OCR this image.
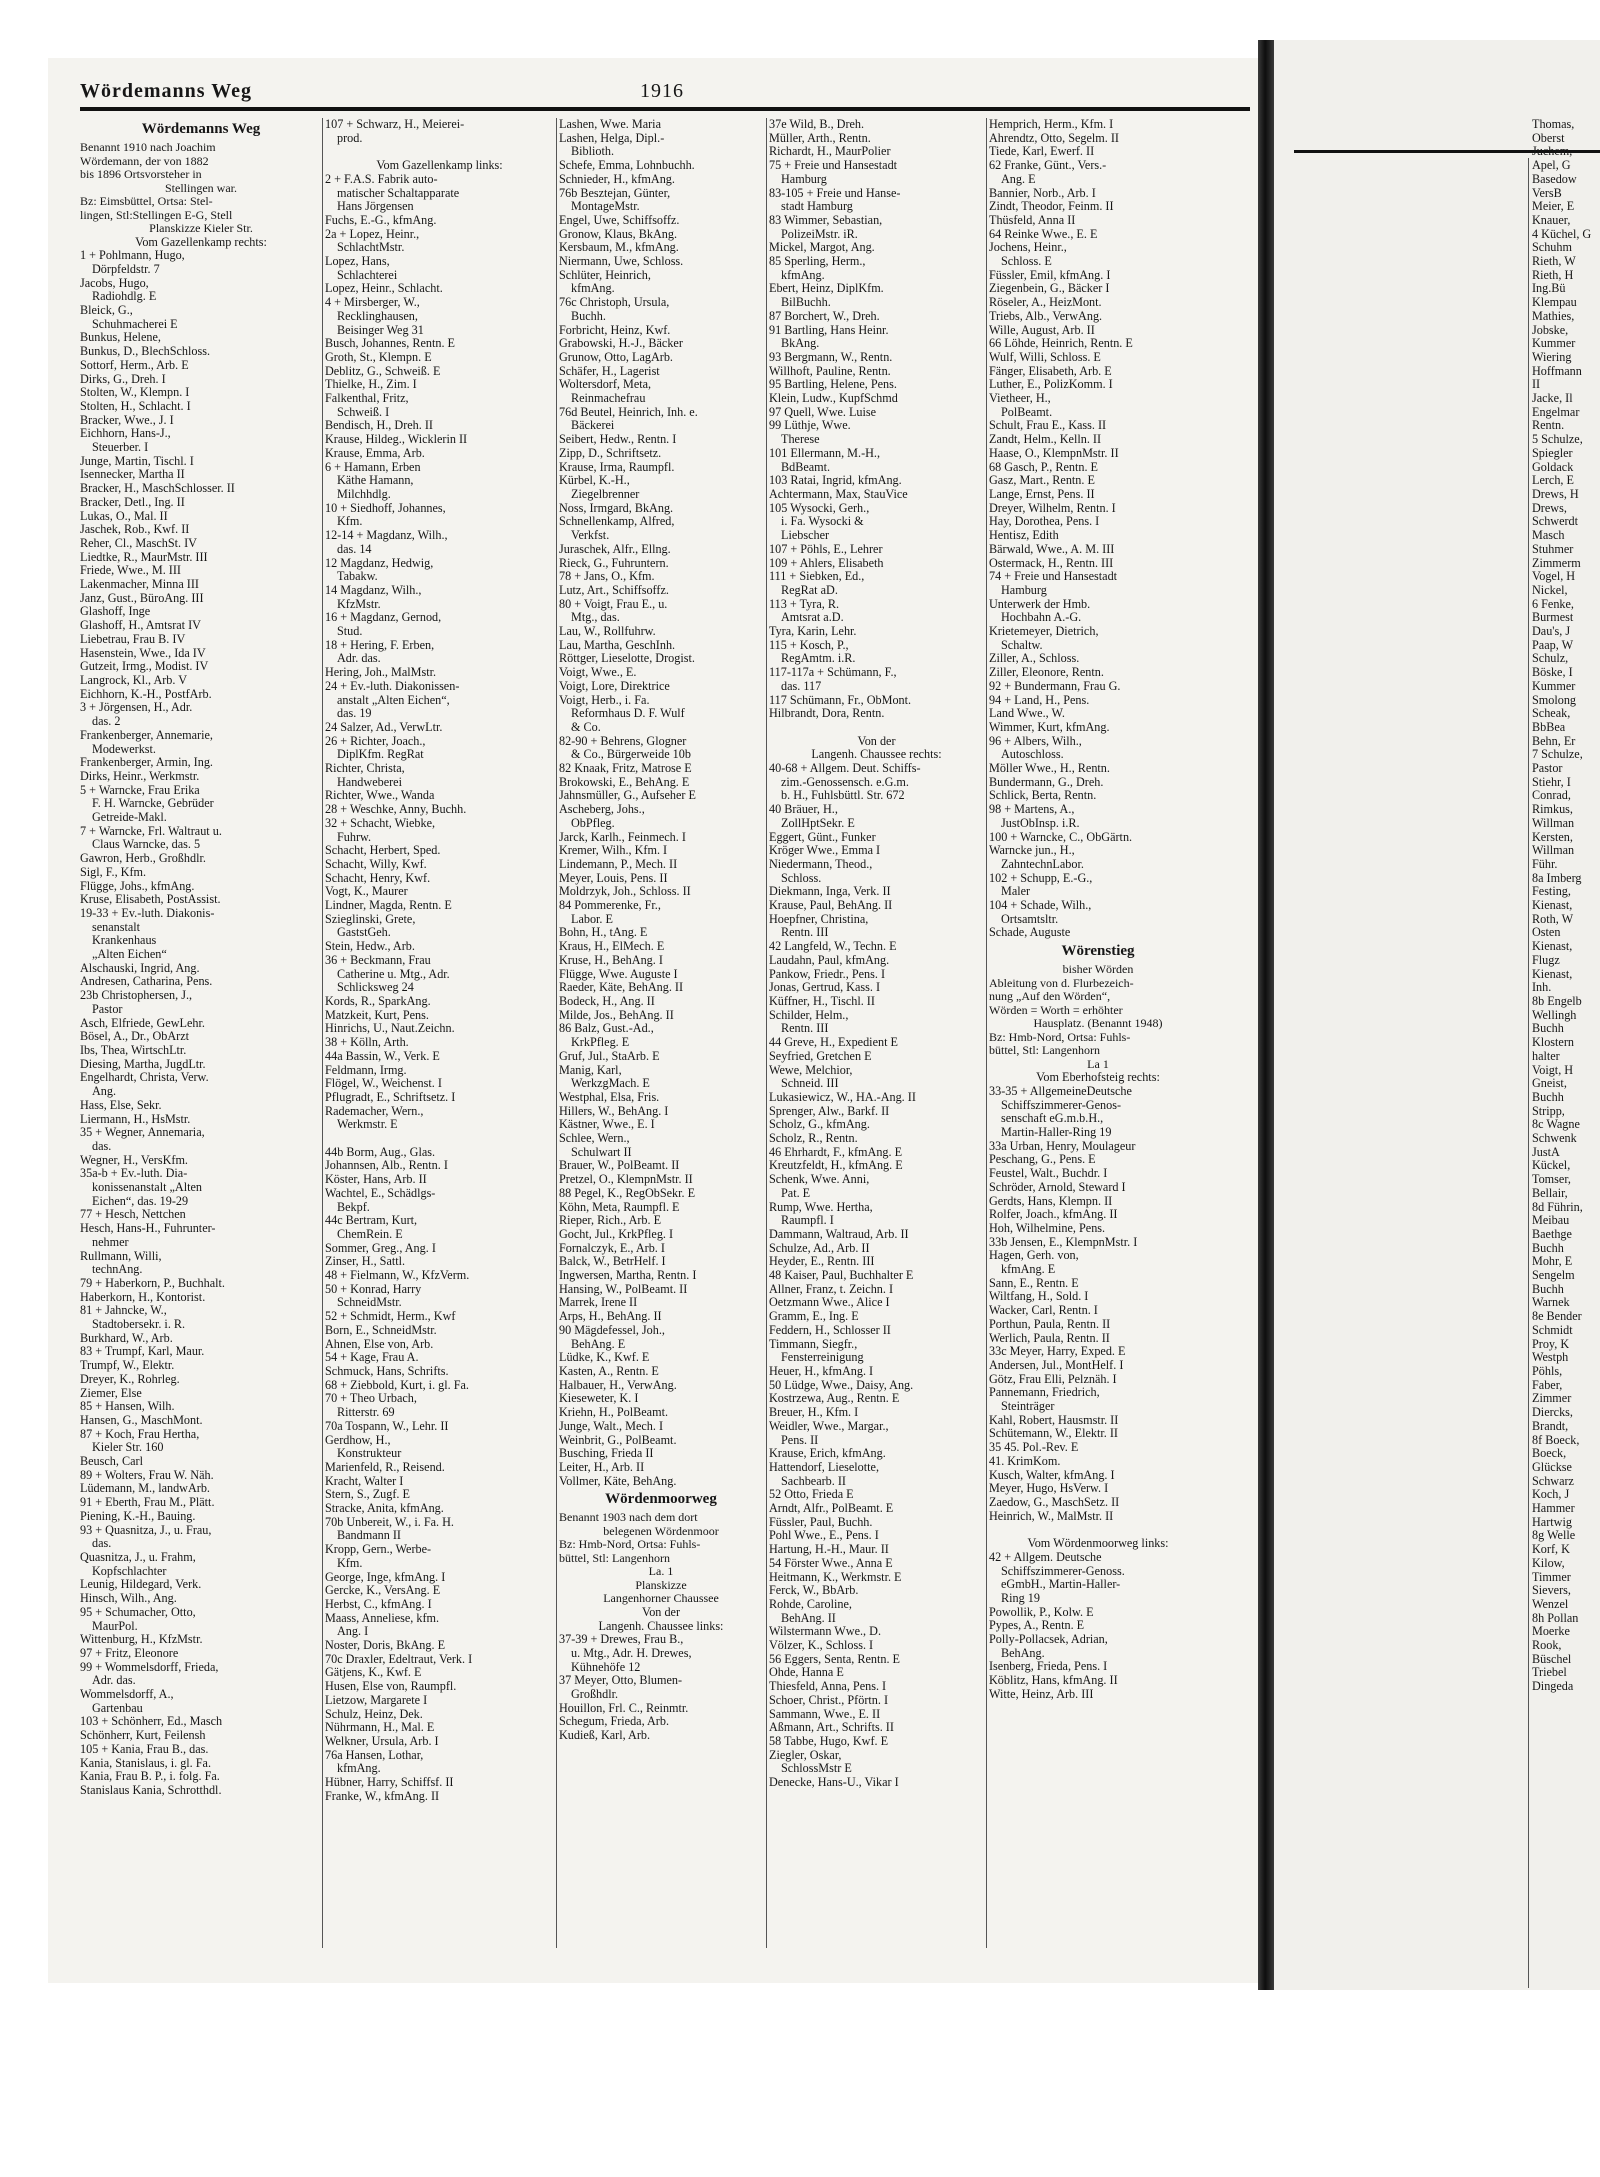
Thomas,
Oberst
Juchem,
Apel, G
Basedow
VersB
Meier, E
Knauer,
4 Küchel, G
Schuhm
Rieth, W
Rieth, H
Ing.Bü
Klempau
Mathies,
Jobske,
Kummer
Wiering
Hoffmann
II
Jacke, Il
Engelmar
Rentn.
5 Schulze,
Spiegler
Goldack
Lerch, E
Drews, H
Drews,
Schwerdt
Masch
Stuhmer
Zimmerm
Vogel, H
Nickel,
6 Fenke,
Burmest
Dau's, J
Paap, W
Schulz,
Böske, I
Kummer
Smolong
Scheak,
BbBea
Behn, Er
7 Schulze,
Pastor
Stiehr, I
Conrad,
Rimkus,
Willman
Kersten,
Willman
Führ.
8a Imberg
Festing,
Kienast,
Roth, W
Osten
Kienast,
Flugz
Kienast,
Inh.
8b Engelb
Wellingh
Buchh
Klostern
halter
Voigt, H
Gneist,
Buchh
Stripp,
8c Wagne
Schwenk
JustA
Kückel,
Tomser,
Bellair,
8d Führin,
Meibau
Baethge
Buchh
Mohr, E
Sengelm
Buchh
Warnek
8e Bender
Schmidt
Proy, K
Westph
Pöhls,
Faber,
Zimmer
Diercks,
Brandt,
8f Boeck,
Boeck,
Glückse
Schwarz
Koch, J
Hammer
Hartwig
8g Welle
Korf, K
Kilow,
Timmer
Sievers,
Wenzel
8h Pollan
Moerke
Rook,
Büschel
Triebel
Dingeda
Wördemanns Weg	1916
Wördemanns Weg
Benannt 1910 nach Joachim
Wördemann, der von 1882
bis 1896 Ortsvorsteher in
Stellingen war.
Bz: Eimsbüttel, Ortsa: Stel-
lingen, Stl:Stellingen E-G, Stell
Planskizze Kieler Str.
Vom Gazellenkamp rechts:
1 + Pohlmann, Hugo,
Dörpfeldstr. 7
Jacobs, Hugo,
Radiohdlg. E
Bleick, G.,
Schuhmacherei E
Bunkus, Helene,
Bunkus, D., BlechSchloss.
Sottorf, Herm., Arb. E
Dirks, G., Dreh. I
Stolten, W., Klempn. I
Stolten, H., Schlacht. I
Bracker, Wwe., J. I
Eichhorn, Hans-J.,
Steuerber. I
Junge, Martin, Tischl. I
Isennecker, Martha II
Bracker, H., MaschSchlosser. II
Bracker, Detl., Ing. II
Lukas, O., Mal. II
Jaschek, Rob., Kwf. II
Reher, Cl., MaschSt. IV
Liedtke, R., MaurMstr. III
Friede, Wwe., M. III
Lakenmacher, Minna III
Janz, Gust., BüroAng. III
Glashoff, Inge
Glashoff, H., Amtsrat IV
Liebetrau, Frau B. IV
Hasenstein, Wwe., Ida IV
Gutzeit, Irmg., Modist. IV
Langrock, Kl., Arb. V
Eichhorn, K.-H., PostfArb.
3 + Jörgensen, H., Adr.
das. 2
Frankenberger, Annemarie,
Modewerkst.
Frankenberger, Armin, Ing.
Dirks, Heinr., Werkmstr.
5 + Warncke, Frau Erika
F. H. Warncke, Gebrüder
Getreide-Makl.
7 + Warncke, Frl. Waltraut u.
Claus Warncke, das. 5
Gawron, Herb., Großhdlr.
Sigl, F., Kfm.
Flügge, Johs., kfmAng.
Kruse, Elisabeth, PostAssist.
19-33 + Ev.-luth. Diakonis-
senanstalt
Krankenhaus
„Alten Eichen“
Alschauski, Ingrid, Ang.
Andresen, Catharina, Pens.
23b Christophersen, J.,
Pastor
Asch, Elfriede, GewLehr.
Bösel, A., Dr., ObArzt
Ibs, Thea, WirtschLtr.
Diesing, Martha, JugdLtr.
Engelhardt, Christa, Verw.
Ang.
Hass, Else, Sekr.
Liermann, H., HsMstr.
35 + Wegner, Annemaria,
das.
Wegner, H., VersKfm.
35a-b + Ev.-luth. Dia-
konissenanstalt „Alten
Eichen“, das. 19-29
77 + Hesch, Nettchen
Hesch, Hans-H., Fuhrunter-
nehmer
Rullmann, Willi,
technAng.
79 + Haberkorn, P., Buchhalt.
Haberkorn, H., Kontorist.
81 + Jahncke, W.,
Stadtobersekr. i. R.
Burkhard, W., Arb.
83 + Trumpf, Karl, Maur.
Trumpf, W., Elektr.
Dreyer, K., Rohrleg.
Ziemer, Else
85 + Hansen, Wilh.
Hansen, G., MaschMont.
87 + Koch, Frau Hertha,
Kieler Str. 160
Beusch, Carl
89 + Wolters, Frau W. Näh.
Lüdemann, M., landwArb.
91 + Eberth, Frau M., Plätt.
Piening, K.-H., Bauing.
93 + Quasnitza, J., u. Frau,
das.
Quasnitza, J., u. Frahm,
Kopfschlachter
Leunig, Hildegard, Verk.
Hinsch, Wilh., Ang.
95 + Schumacher, Otto,
MaurPol.
Wittenburg, H., KfzMstr.
97 + Fritz, Eleonore
99 + Wommelsdorff, Frieda,
Adr. das.
Wommelsdorff, A.,
Gartenbau
103 + Schönherr, Ed., Masch
Schönherr, Kurt, Feilensh
105 + Kania, Frau B., das.
Kania, Stanislaus, i. gl. Fa.
Kania, Frau B. P., i. folg. Fa.
Stanislaus Kania, Schrotthdl.
107 + Schwarz, H., Meierei-
prod.

Vom Gazellenkamp links:
2 + F.A.S. Fabrik auto-
matischer Schaltapparate
Hans Jörgensen
Fuchs, E.-G., kfmAng.
2a + Lopez, Heinr.,
SchlachtMstr.
Lopez, Hans,
Schlachterei
Lopez, Heinr., Schlacht.
4 + Mirsberger, W.,
Recklinghausen,
Beisinger Weg 31
Busch, Johannes, Rentn. E
Groth, St., Klempn. E
Deblitz, G., Schweiß. E
Thielke, H., Zim. I
Falkenthal, Fritz,
Schweiß. I
Bendisch, H., Dreh. II
Krause, Hildeg., Wicklerin II
Krause, Emma, Arb.
6 + Hamann, Erben
Käthe Hamann,
Milchhdlg.
10 + Siedhoff, Johannes,
Kfm.
12-14 + Magdanz, Wilh.,
das. 14
12 Magdanz, Hedwig,
Tabakw.
14 Magdanz, Wilh.,
KfzMstr.
16 + Magdanz, Gernod,
Stud.
18 + Hering, F. Erben,
Adr. das.
Hering, Joh., MalMstr.
24 + Ev.-luth. Diakonissen-
anstalt „Alten Eichen“,
das. 19
24 Salzer, Ad., VerwLtr.
26 + Richter, Joach.,
DiplKfm. RegRat
Richter, Christa,
Handweberei
Richter, Wwe., Wanda
28 + Weschke, Anny, Buchh.
32 + Schacht, Wiebke,
Fuhrw.
Schacht, Herbert, Sped.
Schacht, Willy, Kwf.
Schacht, Henry, Kwf.
Vogt, K., Maurer
Lindner, Magda, Rentn. E
Szieglinski, Grete,
GaststGeh.
Stein, Hedw., Arb.
36 + Beckmann, Frau
Catherine u. Mtg., Adr.
Schlicksweg 24
Kords, R., SparkAng.
Matzkeit, Kurt, Pens.
Hinrichs, U., Naut.Zeichn.
38 + Kölln, Arth.
44a Bassin, W., Verk. E
Feldmann, Irmg.
Flögel, W., Weichenst. I
Pflugradt, E., Schriftsetz. I
Rademacher, Wern.,
Werkmstr. E

44b Borm, Aug., Glas.
Johannsen, Alb., Rentn. I
Köster, Hans, Arb. II
Wachtel, E., Schädlgs-
Bekpf.
44c Bertram, Kurt,
ChemRein. E
Sommer, Greg., Ang. I
Zinser, H., Sattl.
48 + Fielmann, W., KfzVerm.
50 + Konrad, Harry
SchneidMstr.
52 + Schmidt, Herm., Kwf
Born, E., SchneidMstr.
Ahnen, Else von, Arb.
54 + Kage, Frau A.
Schmuck, Hans, Schrifts.
68 + Ziebbold, Kurt, i. gl. Fa.
70 + Theo Urbach,
Ritterstr. 69
70a Tospann, W., Lehr. II
Gerdhow, H.,
Konstrukteur
Marienfeld, R., Reisend.
Kracht, Walter I
Stern, S., Zugf. E
Stracke, Anita, kfmAng.
70b Unbereit, W., i. Fa. H.
Bandmann II
Kropp, Gern., Werbe-
Kfm.
George, Inge, kfmAng. I
Gercke, K., VersAng. E
Herbst, C., kfmAng. I
Maass, Anneliese, kfm.
Ang. I
Noster, Doris, BkAng. E
70c Draxler, Edeltraut, Verk. I
Gätjens, K., Kwf. E
Husen, Else von, Raumpfl.
Lietzow, Margarete I
Schulz, Heinz, Dek.
Nührmann, H., Mal. E
Welkner, Ursula, Arb. I
76a Hansen, Lothar,
kfmAng.
Hübner, Harry, Schiffsf. II
Franke, W., kfmAng. II
Lashen, Wwe. Maria
Lashen, Helga, Dipl.-
Biblioth.
Schefe, Emma, Lohnbuchh.
Schnieder, H., kfmAng.
76b Besztejan, Günter,
MontageMstr.
Engel, Uwe, Schiffsoffz.
Gronow, Klaus, BkAng.
Kersbaum, M., kfmAng.
Niermann, Uwe, Schloss.
Schlüter, Heinrich,
kfmAng.
76c Christoph, Ursula,
Buchh.
Forbricht, Heinz, Kwf.
Grabowski, H.-J., Bäcker
Grunow, Otto, LagArb.
Schäfer, H., Lagerist
Woltersdorf, Meta,
Reinmachefrau
76d Beutel, Heinrich, Inh. e.
Bäckerei
Seibert, Hedw., Rentn. I
Zipp, D., Schriftsetz.
Krause, Irma, Raumpfl.
Kürbel, K.-H.,
Ziegelbrenner
Noss, Irmgard, BkAng.
Schnellenkamp, Alfred,
Verkfst.
Juraschek, Alfr., Ellng.
Rieck, G., Fuhruntern.
78 + Jans, O., Kfm.
Lutz, Art., Schiffsoffz.
80 + Voigt, Frau E., u.
Mtg., das.
Lau, W., Rollfuhrw.
Lau, Martha, GeschInh.
Röttger, Lieselotte, Drogist.
Voigt, Wwe., E.
Voigt, Lore, Direktrice
Voigt, Herb., i. Fa.
Reformhaus D. F. Wulf
& Co.
82-90 + Behrens, Glogner
& Co., Bürgerweide 10b
82 Knaak, Fritz, Matrose E
Brokowski, E., BehAng. E
Jahnsmüller, G., Aufseher E
Ascheberg, Johs.,
ObPfleg.
Jarck, Karlh., Feinmech. I
Kremer, Wilh., Kfm. I
Lindemann, P., Mech. II
Meyer, Louis, Pens. II
Moldrzyk, Joh., Schloss. II
84 Pommerenke, Fr.,
Labor. E
Bohn, H., tAng. E
Kraus, H., ElMech. E
Kruse, H., BehAng. I
Flügge, Wwe. Auguste I
Raeder, Käte, BehAng. II
Bodeck, H., Ang. II
Milde, Jos., BehAng. II
86 Balz, Gust.-Ad.,
KrkPfleg. E
Gruf, Jul., StaArb. E
Manig, Karl,
WerkzgMach. E
Westphal, Elsa, Fris.
Hillers, W., BehAng. I
Kästner, Wwe., E. I
Schlee, Wern.,
Schulwart II
Brauer, W., PolBeamt. II
Pretzel, O., KlempnMstr. II
88 Pegel, K., RegObSekr. E
Köhn, Meta, Raumpfl. E
Rieper, Rich., Arb. E
Gocht, Jul., KrkPfleg. I
Fornalczyk, E., Arb. I
Balck, W., BetrHelf. I
Ingwersen, Martha, Rentn. I
Hansing, W., PolBeamt. II
Marrek, Irene II
Arps, H., BehAng. II
90 Mägdefessel, Joh.,
BehAng. E
Lüdke, K., Kwf. E
Kasten, A., Rentn. E
Halbauer, H., VerwAng.
Kieseweter, K. I
Kriehn, H., PolBeamt.
Junge, Walt., Mech. I
Weinbrit, G., PolBeamt.
Busching, Frieda II
Leiter, H., Arb. II
Vollmer, Käte, BehAng.
Wördenmoorweg
Benannt 1903 nach dem dort
belegenen Wördenmoor
Bz: Hmb-Nord, Ortsa: Fuhls-
büttel, Stl: Langenhorn
La. 1
Planskizze
Langenhorner Chaussee
Von der
Langenh. Chaussee links:
37-39 + Drewes, Frau B.,
u. Mtg., Adr. H. Drewes,
Kühnehöfe 12
37 Meyer, Otto, Blumen-
Großhdlr.
Houillon, Frl. C., Reinmtr.
Schegum, Frieda, Arb.
Kudieß, Karl, Arb.
37e Wild, B., Dreh.
Müller, Arth., Rentn.
Richardt, H., MaurPolier
75 + Freie und Hansestadt
Hamburg
83-105 + Freie und Hanse-
stadt Hamburg
83 Wimmer, Sebastian,
PolizeiMstr. iR.
Mickel, Margot, Ang.
85 Sperling, Herm.,
kfmAng.
Ebert, Heinz, DiplKfm.
BilBuchh.
87 Borchert, W., Dreh.
91 Bartling, Hans Heinr.
BkAng.
93 Bergmann, W., Rentn.
Willhoft, Pauline, Rentn.
95 Bartling, Helene, Pens.
Klein, Ludw., KupfSchmd
97 Quell, Wwe. Luise
99 Lüthje, Wwe.
Therese
101 Ellermann, M.-H.,
BdBeamt.
103 Ratai, Ingrid, kfmAng.
Achtermann, Max, StauVice
105 Wysocki, Gerh.,
i. Fa. Wysocki &
Liebscher
107 + Pöhls, E., Lehrer
109 + Ahlers, Elisabeth
111 + Siebken, Ed.,
RegRat aD.
113 + Tyra, R.
Amtsrat a.D.
Tyra, Karin, Lehr.
115 + Kosch, P.,
RegAmtm. i.R.
117-117a + Schümann, F.,
das. 117
117 Schümann, Fr., ObMont.
Hilbrandt, Dora, Rentn.

Von der
Langenh. Chaussee rechts:
40-68 + Allgem. Deut. Schiffs-
zim.-Genossensch. e.G.m.
b. H., Fuhlsbüttl. Str. 672
40 Bräuer, H.,
ZollHptSekr. E
Eggert, Günt., Funker
Kröger Wwe., Emma I
Niedermann, Theod.,
Schloss.
Diekmann, Inga, Verk. II
Krause, Paul, BehAng. II
Hoepfner, Christina,
Rentn. III
42 Langfeld, W., Techn. E
Laudahn, Paul, kfmAng.
Pankow, Friedr., Pens. I
Jonas, Gertrud, Kass. I
Küffner, H., Tischl. II
Schilder, Helm.,
Rentn. III
44 Greve, H., Expedient E
Seyfried, Gretchen E
Wewe, Melchior,
Schneid. III
Lukasiewicz, W., HA.-Ang. II
Sprenger, Alw., Barkf. II
Scholz, G., kfmAng.
Scholz, R., Rentn.
46 Ehrhardt, F., kfmAng. E
Kreutzfeldt, H., kfmAng. E
Schenk, Wwe. Anni,
Pat. E
Rump, Wwe. Hertha,
Raumpfl. I
Dammann, Waltraud, Arb. II
Schulze, Ad., Arb. II
Heyder, E., Rentn. III
48 Kaiser, Paul, Buchhalter E
Allner, Franz, t. Zeichn. I
Oetzmann Wwe., Alice I
Gramm, E., Ing. E
Feddern, H., Schlosser II
Timmann, Siegfr.,
Fensterreinigung
Heuer, H., kfmAng. I
50 Lüdge, Wwe., Daisy, Ang.
Kostrzewa, Aug., Rentn. E
Breuer, H., Kfm. I
Weidler, Wwe., Margar.,
Pens. II
Krause, Erich, kfmAng.
Hattendorf, Lieselotte,
Sachbearb. II
52 Otto, Frieda E
Arndt, Alfr., PolBeamt. E
Füssler, Paul, Buchh.
Pohl Wwe., E., Pens. I
Hartung, H.-H., Maur. II
54 Förster Wwe., Anna E
Heitmann, K., Werkmstr. E
Ferck, W., BbArb.
Rohde, Caroline,
BehAng. II
Wilstermann Wwe., D.
Völzer, K., Schloss. I
56 Eggers, Senta, Rentn. E
Ohde, Hanna E
Thiesfeld, Anna, Pens. I
Schoer, Christ., Pförtn. I
Sammann, Wwe., E. II
Aßmann, Art., Schrifts. II
58 Tabbe, Hugo, Kwf. E
Ziegler, Oskar,
SchlossMstr E
Denecke, Hans-U., Vikar I
Hemprich, Herm., Kfm. I
Ahrendtz, Otto, Segelm. II
Tiede, Karl, Ewerf. II
62 Franke, Günt., Vers.-
Ang. E
Bannier, Norb., Arb. I
Zindt, Theodor, Feinm. II
Thüsfeld, Anna II
64 Reinke Wwe., E. E
Jochens, Heinr.,
Schloss. E
Füssler, Emil, kfmAng. I
Ziegenbein, G., Bäcker I
Röseler, A., HeizMont.
Triebs, Alb., VerwAng.
Wille, August, Arb. II
66 Löhde, Heinrich, Rentn. E
Wulf, Willi, Schloss. E
Fänger, Elisabeth, Arb. E
Luther, E., PolizKomm. I
Vietheer, H.,
PolBeamt.
Schult, Frau E., Kass. II
Zandt, Helm., Kelln. II
Haase, O., KlempnMstr. II
68 Gasch, P., Rentn. E
Gasz, Mart., Rentn. E
Lange, Ernst, Pens. II
Dreyer, Wilhelm, Rentn. I
Hay, Dorothea, Pens. I
Hentisz, Edith
Bärwald, Wwe., A. M. III
Ostermack, H., Rentn. III
74 + Freie und Hansestadt
Hamburg
Unterwerk der Hmb.
Hochbahn A.-G.
Krietemeyer, Dietrich,
Schaltw.
Ziller, A., Schloss.
Ziller, Eleonore, Rentn.
92 + Bundermann, Frau G.
94 + Land, H., Pens.
Land Wwe., W.
Wimmer, Kurt, kfmAng.
96 + Albers, Wilh.,
Autoschloss.
Möller Wwe., H., Rentn.
Bundermann, G., Dreh.
Schlick, Berta, Rentn.
98 + Martens, A.,
JustObInsp. i.R.
100 + Warncke, C., ObGärtn.
Warncke jun., H.,
ZahntechnLabor.
102 + Schupp, E.-G.,
Maler
104 + Schade, Wilh.,
Ortsamtsltr.
Schade, Auguste
Wörenstieg
bisher Wörden
Ableitung von d. Flurbezeich-
nung „Auf den Wörden“,
Wörden = Worth = erhöhter
Hausplatz. (Benannt 1948)
Bz: Hmb-Nord, Ortsa: Fuhls-
büttel, Stl: Langenhorn
La 1
Vom Eberhofsteig rechts:
33-35 + AllgemeineDeutsche
Schiffszimmerer-Genos-
senschaft eG.m.b.H.,
Martin-Haller-Ring 19
33a Urban, Henry, Moulageur
Peschang, G., Pens. E
Feustel, Walt., Buchdr. I
Schröder, Arnold, Steward I
Gerdts, Hans, Klempn. II
Rolfer, Joach., kfmAng. II
Hoh, Wilhelmine, Pens.
33b Jensen, E., KlempnMstr. I
Hagen, Gerh. von,
kfmAng. E
Sann, E., Rentn. E
Wiltfang, H., Sold. I
Wacker, Carl, Rentn. I
Porthun, Paula, Rentn. II
Werlich, Paula, Rentn. II
33c Meyer, Harry, Exped. E
Andersen, Jul., MontHelf. I
Götz, Frau Elli, Pelznäh. I
Pannemann, Friedrich,
Steinträger
Kahl, Robert, Hausmstr. II
Schütemann, W., Elektr. II
35 45. Pol.-Rev. E
41. KrimKom.
Kusch, Walter, kfmAng. I
Meyer, Hugo, HsVerw. I
Zaedow, G., MaschSetz. II
Heinrich, W., MalMstr. II

Vom Wördenmoorweg links:
42 + Allgem. Deutsche
Schiffszimmerer-Genoss.
eGmbH., Martin-Haller-
Ring 19
Powollik, P., Kolw. E
Pypes, A., Rentn. E
Polly-Pollacsek, Adrian,
BehAng.
Isenberg, Frieda, Pens. I
Köblitz, Hans, kfmAng. II
Witte, Heinz, Arb. III
